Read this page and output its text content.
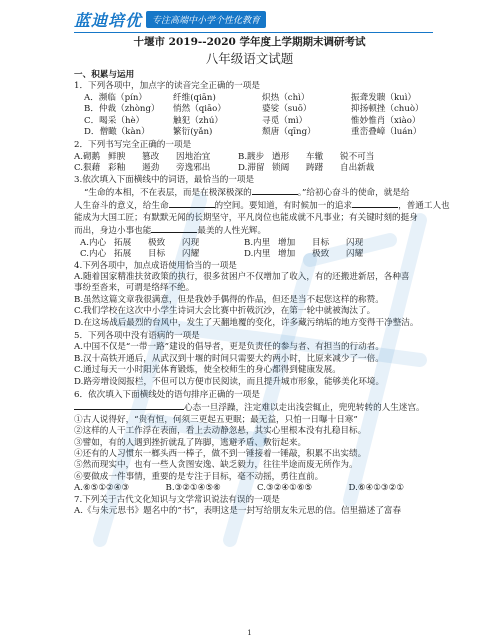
蓝迪培优	专注高端中小学个性化教育
十堰市 2019--2020 学年度上学期期末调研考试
八年级语文试题
一、积累与运用
1．下列各项中，加点字的读音完全正确的一项是
A．濒临（pín）	纤维(qiān)	炽热（chì）	振聋发聩（kuì）
B．仲裁（zhòng）	悄然（qiāo）	婆娑（suō）	抑扬顿挫（chuò）
C．喝采（hè）	触犯（zhú）	寻觅（mì）	惟妙惟肖（xiào）
D．僧瞰（kàn）	繁衍(yǎn)	颓唐（qīng）	重峦叠嶂（luán）
2．下列书写完全正确的一项是
A.砌鹅 鲜腴	篡改	因地治宜	B.踱步 遒形	车辙	锐不可当
C.狠藉 彩釉	遏劲	旁逸邪出	D.滞留 锁阔	踌躇	自出新裁
3.依次填入下面横线中的词语，最恰当的一项是
“生命的本相，不在表层，而是在极深极深的	。”给初心奋斗的使命，就是给
人生奋斗的意义，给生命	的空间。要知道，有时候加一的追求	，普通工人也
能成为大国工匠；有默默无闻的长期坚守，平凡岗位也能成就不凡事业；有关键时刻的挺身
而出，身边小事也能	最美的人性光辉。
A.内心 拓展	极致	闪现	B.内里 增加	目标	闪现
C.内心 拓展	目标	闪耀	D.内里 增加	极致	闪耀
4.下列各项中，加点成语使用恰当的一项是
A.随着国家精准扶贫政策的执行，很多贫困户不仅增加了收入，有的还搬进新居，各种喜
事纷至沓来，可谓是络绎不绝。
B.虽然这篇文章我很满意，但是我妙手偶得的作品，但还是当不起您这样的称赞。
C.我们学校在这次中小学生诗词大会比赛中折戟沉沙，在第一轮中就被淘汰了。
D.在这场战后最烈的台风中，发生了天翻地覆的变化，许多藏污纳垢的地方变得干净整洁。
5．下列各项中没有语病的一项是
A.中国不仅是“一带一路”建设的倡导者，更是负责任的参与者、有担当的行动者。
B.汉十高铁开通后，从武汉到十堰的时间只需要大约两小时，比原来减少了一倍。
C.通过每天一小时阳光体育锻炼，使全校师生的身心都得到健康发展。
D.路旁增设阅报栏，不但可以方便市民阅读，而且提升城市形象，能够美化环境。
6．依次填入下面横线处的语句排序正确的一项是
心态一旦浮躁，注定难以走出浅尝辄止，兜兜转转的人生迷宫。
①古人说得好，“贵有恒，何须三更起五更眠；最无益，只怕一日曝十日寒”
②这样的人干工作浮在表面，看上去动静忽悬，其实心里根本没有扎稳目标。
③譬如，有的人遇到挫折就乱了阵脚，逃避矛盾、敷衍起来。
④还有的人习惯东一榔头西一棒子，做不到一锤接着一锤敲，积累不出实绩。
⑤然而现实中，也有一些人贪图安逸、缺乏毅力，往往半途而废无所作为。
⑥要做成一件事情，重要的是专注于目标，毫不动摇，勇往直前。
A.⑥⑤①②④③	B.③②①④⑤⑥	C.③②④①⑥⑤	D.⑥④①③②①
7.下列关于古代文化知识与文学常识说法有误的一项是
A.《与朱元思书》题名中的“书”，表明这是一封写给朋友朱元思的信。信里描述了富春
1
